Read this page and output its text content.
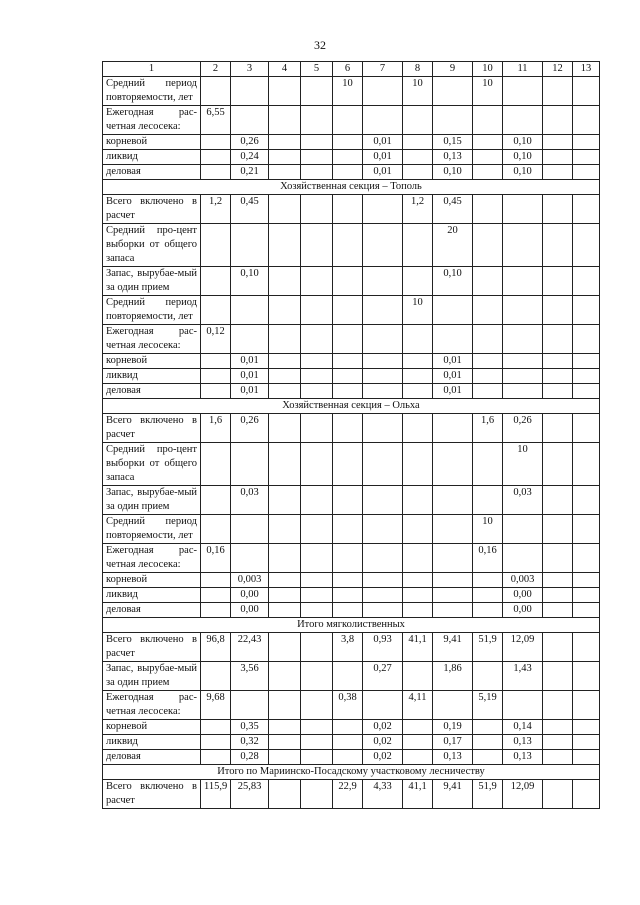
32
1	2	3	4	5	6	7	8	9	10	11	12	13
Средний период повторяемости, лет					10		10		10			
Ежегодная рас-четная лесосека:	6,55											
корневой		0,26				0,01		0,15		0,10		
ликвид		0,24				0,01		0,13		0,10		
деловая		0,21				0,01		0,10		0,10		
Хозяйственная секция – Тополь												
Всего включено в расчет	1,2	0,45					1,2	0,45				
Средний про-цент выборки от общего запаса								20				
Запас, вырубае-мый за один прием		0,10						0,10				
Средний период повторяемости, лет							10					
Ежегодная рас-четная лесосека:	0,12											
корневой		0,01						0,01				
ликвид		0,01						0,01				
деловая		0,01						0,01				
Хозяйственная секция – Ольха												
Всего включено в расчет	1,6	0,26							1,6	0,26		
Средний про-цент выборки от общего запаса										10		
Запас, вырубае-мый за один прием		0,03								0,03		
Средний период повторяемости, лет									10			
Ежегодная рас-четная лесосека:	0,16								0,16			
корневой		0,003								0,003		
ликвид		0,00								0,00		
деловая		0,00								0,00		
Итого мягколиственных												
Всего включено в расчет	96,8	22,43			3,8	0,93	41,1	9,41	51,9	12,09		
Запас, вырубае-мый за один прием		3,56				0,27		1,86		1,43		
Ежегодная рас-четная лесосека:	9,68				0,38		4,11		5,19			
корневой		0,35				0,02		0,19		0,14		
ликвид		0,32				0,02		0,17		0,13		
деловая		0,28				0,02		0,13		0,13		
Итого по Мариинско-Посадскому участковому лесничеству												
Всего включено в расчет	115,9	25,83			22,9	4,33	41,1	9,41	51,9	12,09		
